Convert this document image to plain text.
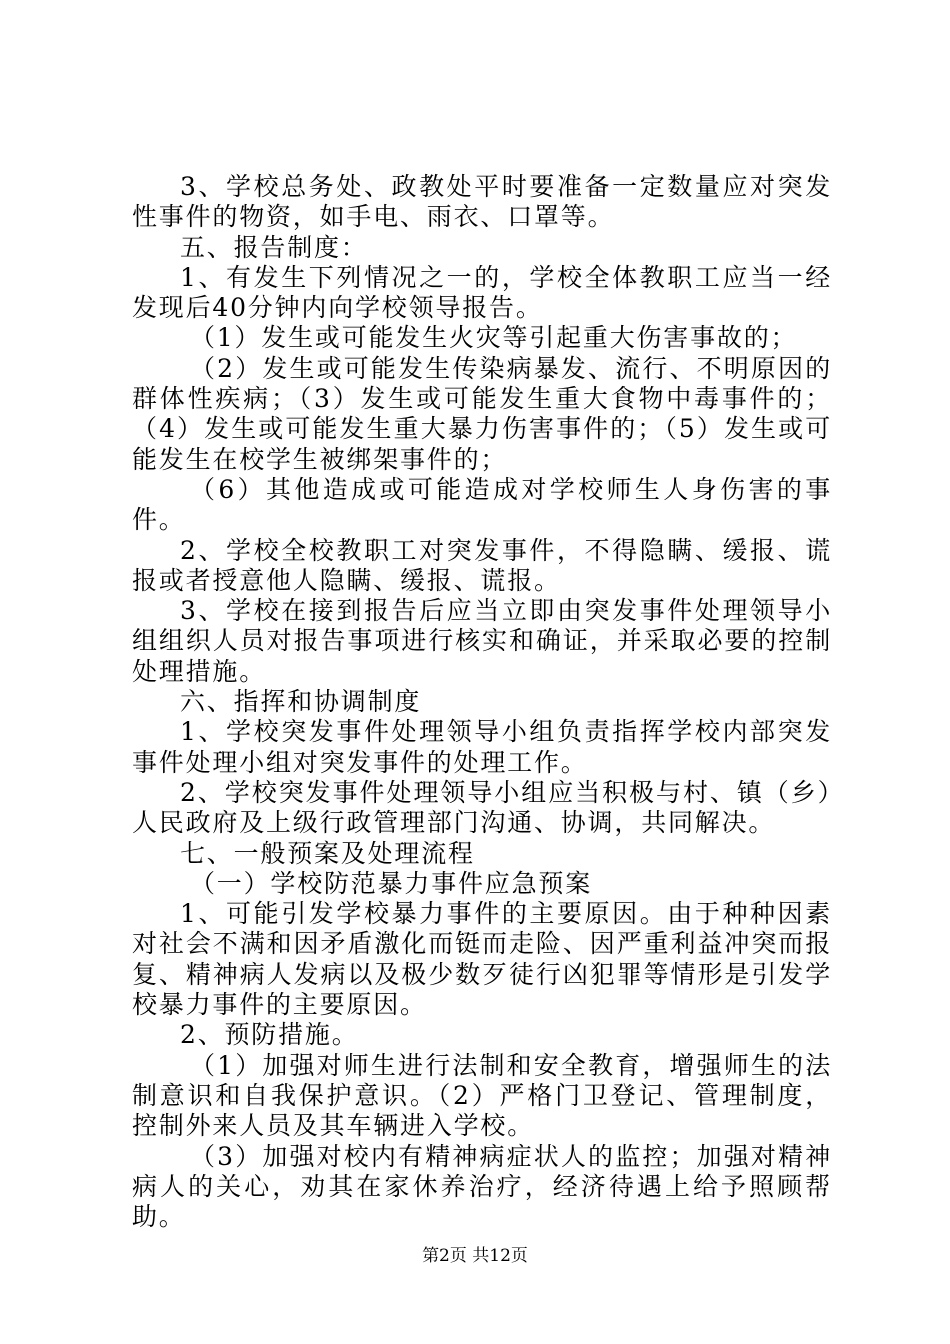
3、学校总务处、政教处平时要准备一定数量应对突发性事件的物资，如手电、雨衣、口罩等。

五、报告制度：

1、有发生下列情况之一的，学校全体教职工应当一经发现后40分钟内向学校领导报告。

（1）发生或可能发生火灾等引起重大伤害事故的；

（2）发生或可能发生传染病暴发、流行、不明原因的群体性疾病；（3）发生或可能发生重大食物中毒事件的；（4）发生或可能发生重大暴力伤害事件的；（5）发生或可能发生在校学生被绑架事件的；

（6）其他造成或可能造成对学校师生人身伤害的事件。

2、学校全校教职工对突发事件，不得隐瞒、缓报、谎报或者授意他人隐瞒、缓报、谎报。

3、学校在接到报告后应当立即由突发事件处理领导小组组织人员对报告事项进行核实和确证，并采取必要的控制处理措施。

六、指挥和协调制度

1、学校突发事件处理领导小组负责指挥学校内部突发事件处理小组对突发事件的处理工作。

2、学校突发事件处理领导小组应当积极与村、镇（乡）人民政府及上级行政管理部门沟通、协调，共同解决。

七、一般预案及处理流程

（一）学校防范暴力事件应急预案

1、可能引发学校暴力事件的主要原因。由于种种因素对社会不满和因矛盾激化而铤而走险、因严重利益冲突而报复、精神病人发病以及极少数歹徒行凶犯罪等情形是引发学校暴力事件的主要原因。

2、预防措施。

（1）加强对师生进行法制和安全教育，增强师生的法制意识和自我保护意识。（2）严格门卫登记、管理制度，控制外来人员及其车辆进入学校。

（3）加强对校内有精神病症状人的监控；加强对精神病人的关心，劝其在家休养治疗，经济待遇上给予照顾帮助。

第2页 共12页
